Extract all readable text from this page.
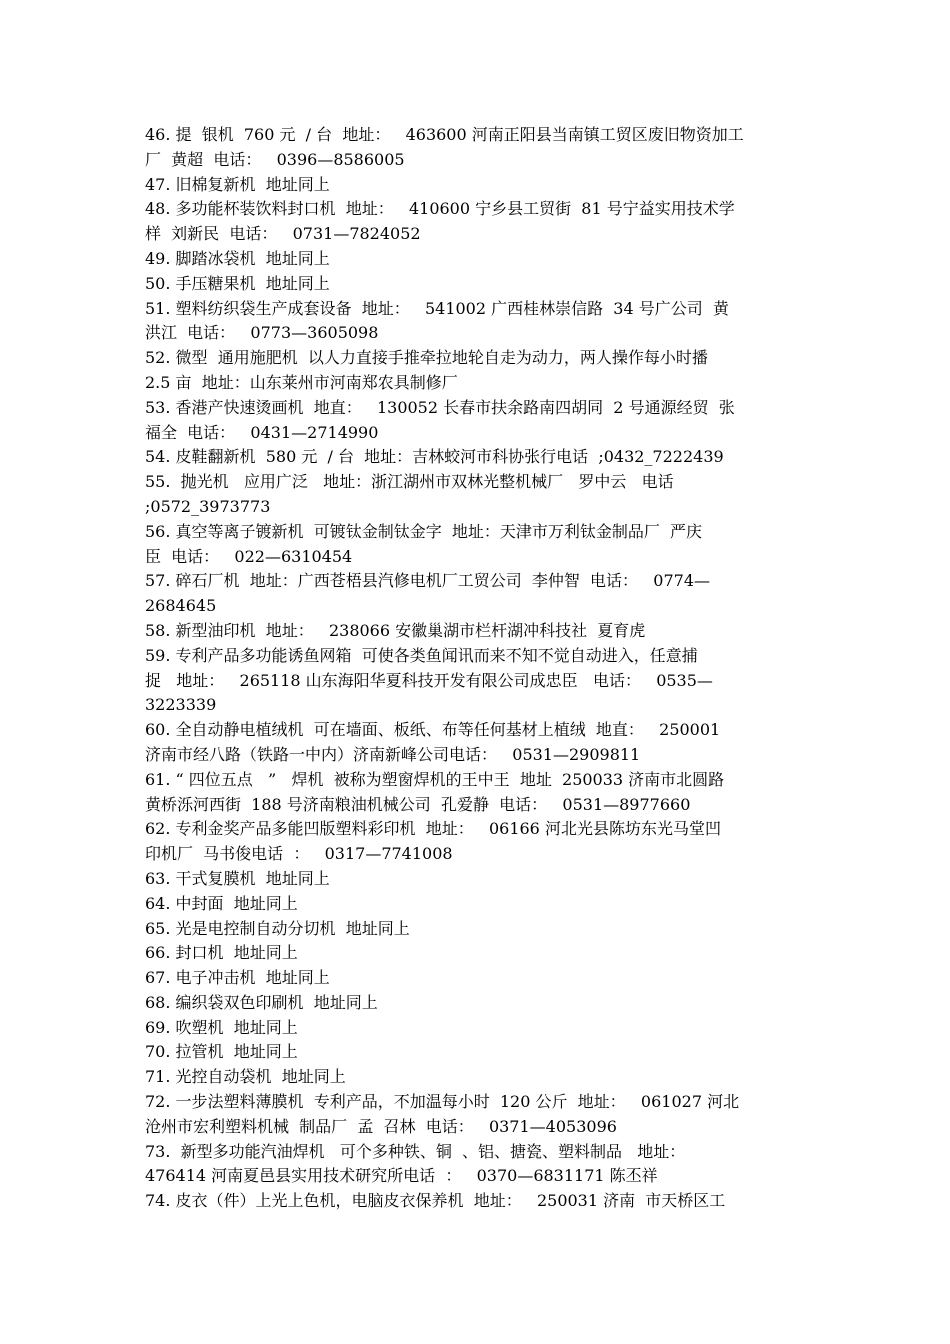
46. 提  银机  760 元  / 台  地址：   463600 河南正阳县当南镇工贸区废旧物资加工
厂  黄超  电话：   0396—8586005
47. 旧棉复新机  地址同上
48. 多功能杯装饮料封口机  地址：   410600 宁乡县工贸街  81 号宁益实用技术学
样  刘新民  电话：   0731—7824052
49. 脚踏冰袋机  地址同上
50. 手压糖果机  地址同上
51. 塑料纺织袋生产成套设备  地址：   541002 广西桂林崇信路  34 号广公司  黄
洪江  电话：   0773—3605098
52. 微型  通用施肥机  以人力直接手推牵拉地轮自走为动力，两人操作每小时播
2.5 亩  地址：山东莱州市河南郑农具制修厂
53. 香港产快速烫画机  地直：   130052 长春市扶余路南四胡同  2 号通源经贸  张
福全  电话：   0431—2714990
54. 皮鞋翻新机  580 元  / 台  地址：吉林蛟河市科协张行电话  ;0432_7222439
55.  抛光机   应用广泛   地址：浙江湖州市双林光整机械厂   罗中云   电话
;0572_3973773
56. 真空等离子镀新机  可镀钛金制钛金字  地址：天津市万利钛金制品厂  严庆
臣  电话：   022—6310454
57. 碎石厂机  地址：广西苍梧县汽修电机厂工贸公司  李仲智  电话：   0774—
2684645
58. 新型油印机  地址：   238066 安徽巢湖市栏杆湖冲科技社  夏育虎
59. 专利产品多功能诱鱼网箱  可使各类鱼闻讯而来不知不觉自动进入，任意捕
捉   地址：   265118 山东海阳华夏科技开发有限公司成忠臣   电话：   0535—
3223339
60. 全自动静电植绒机  可在墙面、板纸、布等任何基材上植绒  地直：   250001
济南市经八路（铁路一中内）济南新峰公司电话：   0531—2909811
61. “ 四位五点   ”   焊机  被称为塑窗焊机的王中王  地址  250033 济南市北圆路
黄桥泺河西街  188 号济南粮油机械公司  孔爱静  电话：   0531—8977660
62. 专利金奖产品多能凹版塑料彩印机  地址：   06166 河北光县陈坊东光马堂凹
印机厂  马书俊电话  ：   0317—7741008
63. 干式复膜机  地址同上
64. 中封面  地址同上
65. 光是电控制自动分切机  地址同上
66. 封口机  地址同上
67. 电子冲击机  地址同上
68. 编织袋双色印刷机  地址同上
69. 吹塑机  地址同上
70. 拉管机  地址同上
71. 光控自动袋机  地址同上
72. 一步法塑料薄膜机  专利产品，不加温每小时  120 公斤  地址：   061027 河北
沧州市宏利塑料机械  制品厂  孟  召林  电话：   0371—4053096
73.  新型多功能汽油焊机   可个多种铁、铜  、铝、搪瓷、塑料制品   地址：
476414 河南夏邑县实用技术研究所电话  ：   0370—6831171 陈丕祥
74. 皮衣（件）上光上色机，电脑皮衣保养机  地址：   250031 济南  市天桥区工
